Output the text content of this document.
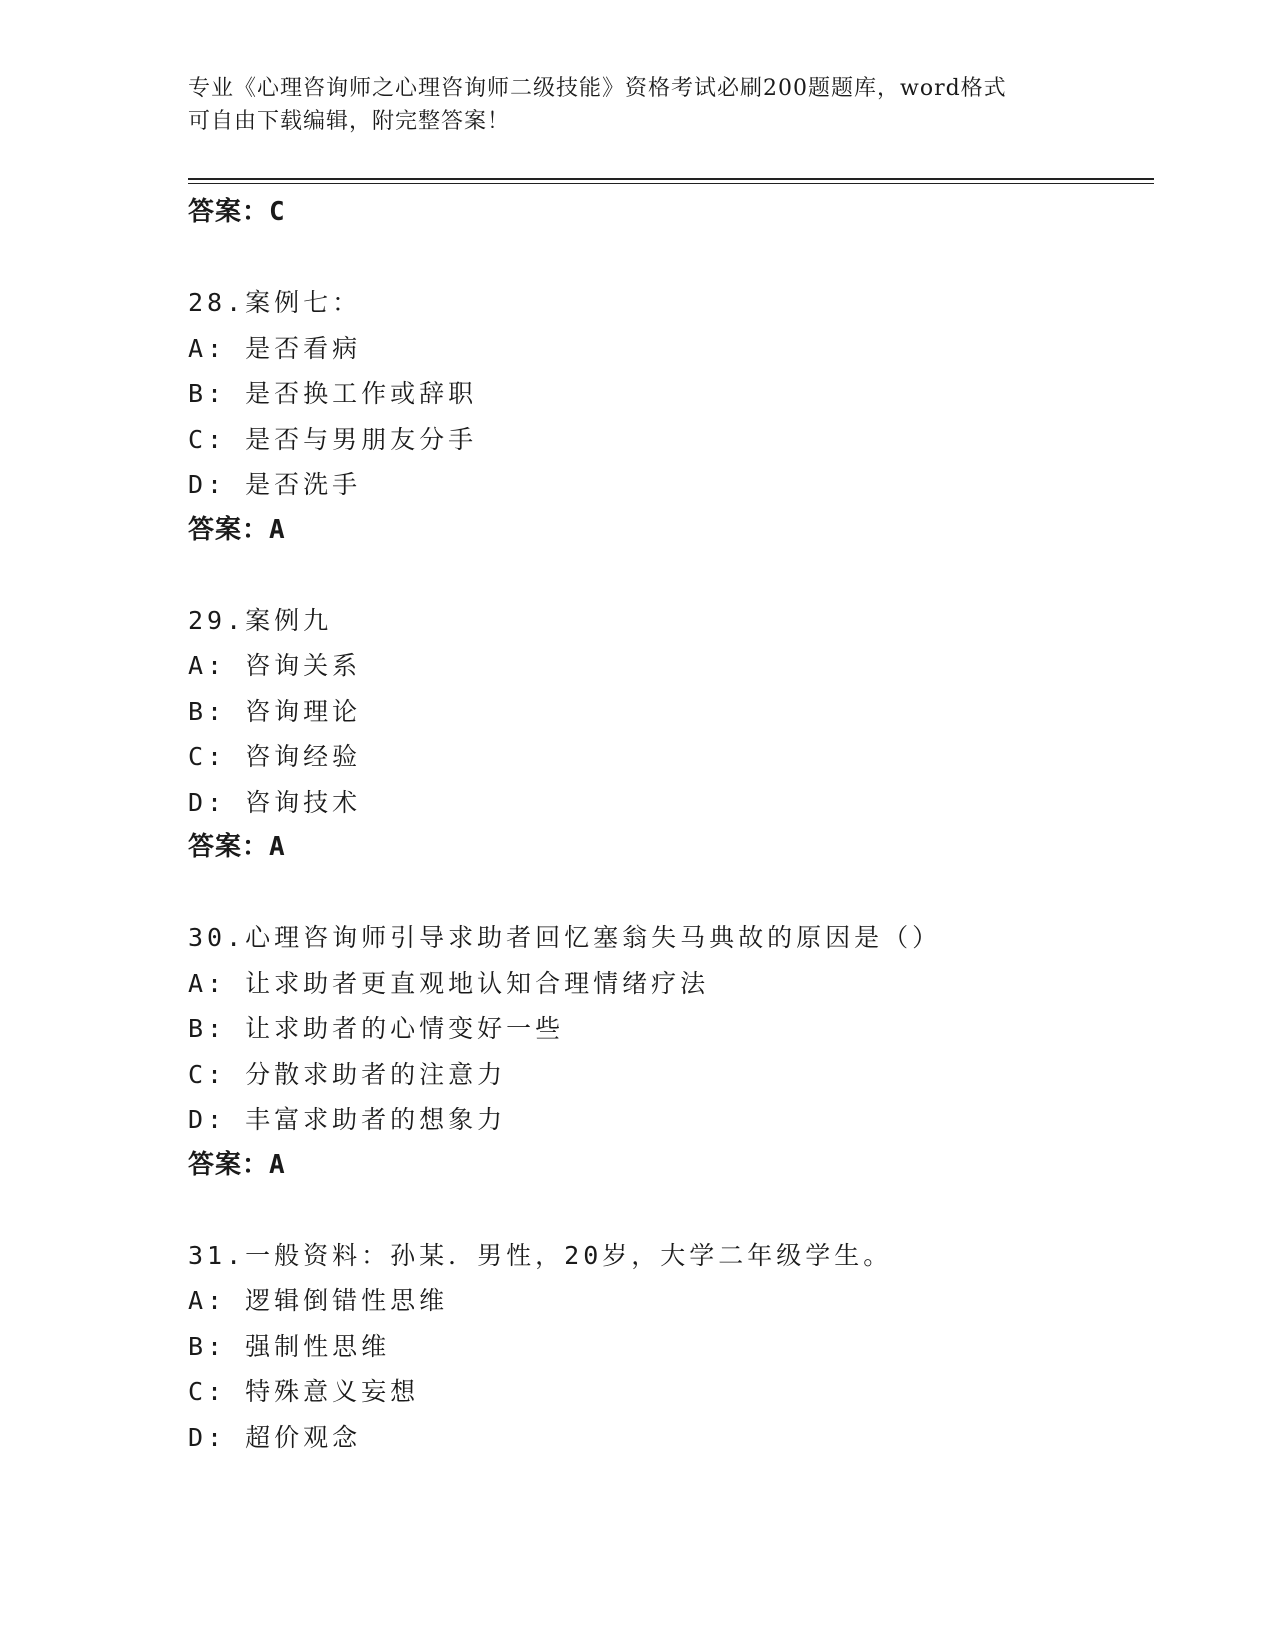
专业《心理咨询师之心理咨询师二级技能》资格考试必刷200题题库，word格式
可自由下载编辑，附完整答案！
答案：C
28.案例七：
A: 是否看病
B: 是否换工作或辞职
C: 是否与男朋友分手
D: 是否洗手
答案：A
29.案例九
A: 咨询关系
B: 咨询理论
C: 咨询经验
D: 咨询技术
答案：A
30.心理咨询师引导求助者回忆塞翁失马典故的原因是（）
A: 让求助者更直观地认知合理情绪疗法
B: 让求助者的心情变好一些
C: 分散求助者的注意力
D: 丰富求助者的想象力
答案：A
31.一般资料：孙某．男性，20岁，大学二年级学生。
A: 逻辑倒错性思维
B: 强制性思维
C: 特殊意义妄想
D: 超价观念
